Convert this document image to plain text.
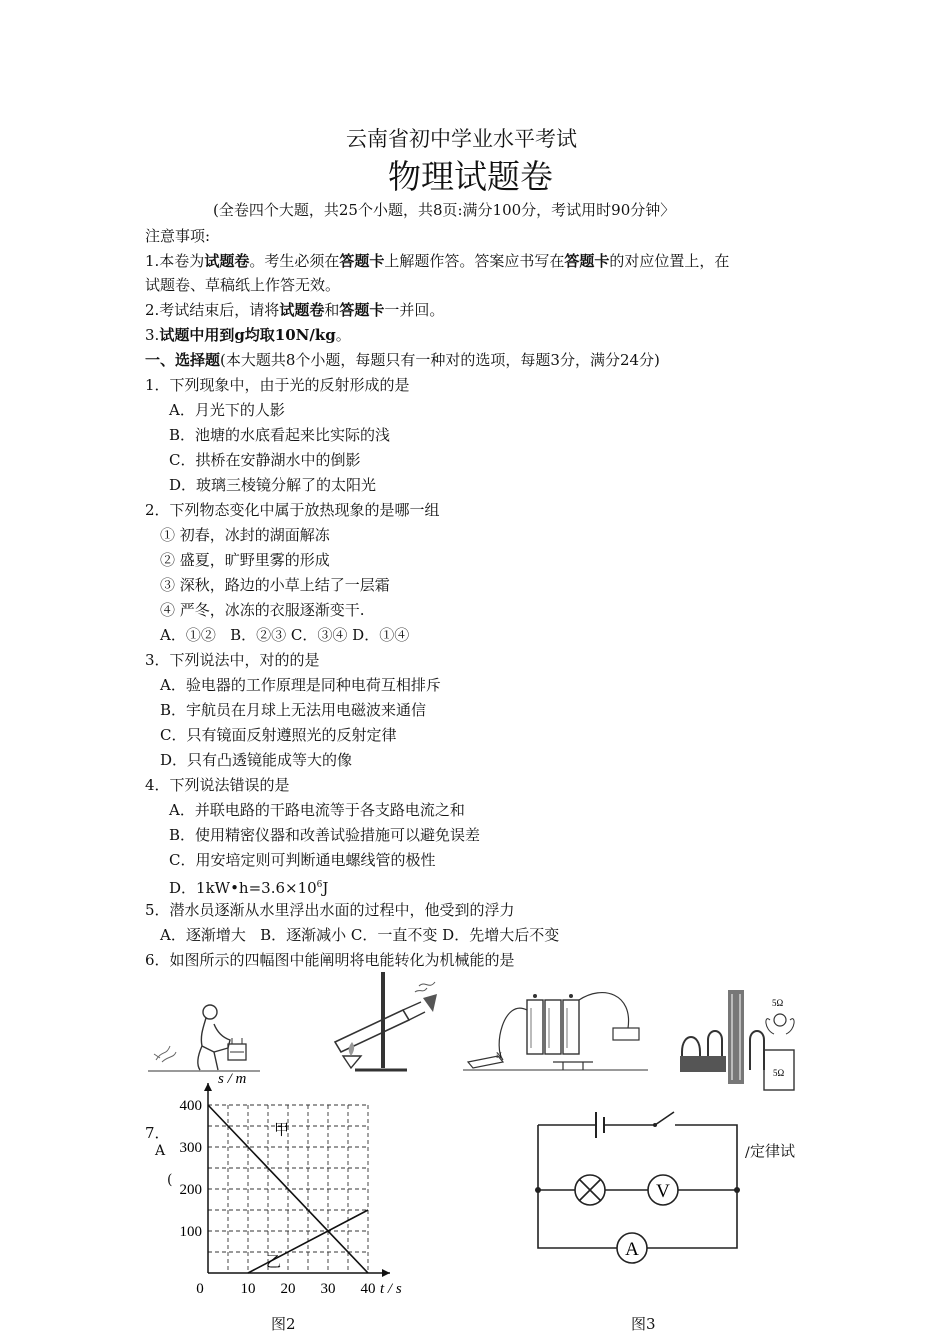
云南省初中学业水平考试
物理试题卷
(全卷四个大题，共25个小题，共8页:满分100分，考试用时90分钟〉
注意事项:
1.本卷为试题卷。考生必须在答题卡上解题作答。答案应书写在答题卡的对应位置上，在
试题卷、草稿纸上作答无效。
2.考试结束后，请将试题卷和答题卡一并回。
3.试题中用到g均取10N/kg。
一、选择题(本大题共8个小题，每题只有一种对的选项，每题3分，满分24分)
1．下列现象中，由于光的反射形成的是
A．月光下的人影
B．池塘的水底看起来比实际的浅
C．拱桥在安静湖水中的倒影
D．玻璃三棱镜分解了的太阳光
2．下列物态变化中属于放热现象的是哪一组
① 初春，冰封的湖面解冻
② 盛夏，旷野里雾的形成
③ 深秋，路边的小草上结了一层霜
④ 严冬，冰冻的衣服逐渐变干.
A．①②   B．②③ C．③④ D．①④
3．下列说法中，对的的是
A．验电器的工作原理是同种电荷互相排斥
B．宇航员在月球上无法用电磁波来通信
C．只有镜面反射遵照光的反射定律
D．只有凸透镜能成等大的像
4．下列说法错误的是
A．并联电路的干路电流等于各支路电流之和
B．使用精密仪器和改善试验措施可以避免误差
C．用安培定则可判断通电螺线管的极性
D．$1kW•h=3.6\times 10^6J$
5．潜水员逐渐从水里浮出水面的过程中，他受到的浮力
A．逐渐增大   B．逐渐减小 C．一直不变 D．先增大后不变
6．如图所示的四幅图中能阐明将电能转化为机械能的是
N
5Ω
5Ω
7．
A
(
定律试
/
0 10 20 30 40
100
200
300
400
t / s
s / m
甲
乙
图2
V
A
图3
